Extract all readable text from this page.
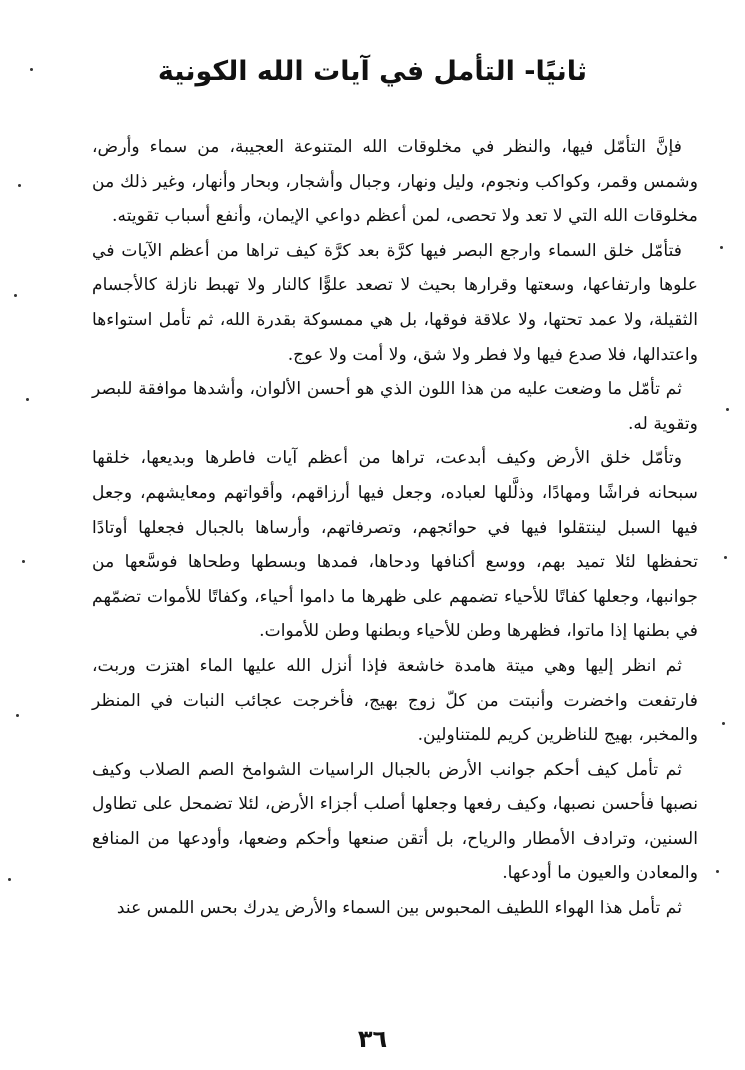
ثانيًا- التأمل في آيات الله الكونية

فإنَّ التأمّل فيها، والنظر في مخلوقات الله المتنوعة العجيبة، من سماء وأرض، وشمس وقمر، وكواكب ونجوم، وليل ونهار، وجبال وأشجار، وبحار وأنهار، وغير ذلك من مخلوقات الله التي لا تعد ولا تحصى، لمن أعظم دواعي الإيمان، وأنفع أسباب تقويته.

فتأمّل خلق السماء وارجع البصر فيها كرَّة بعد كرَّة كيف تراها من أعظم الآيات في علوها وارتفاعها، وسعتها وقرارها بحيث لا تصعد علوًّا كالنار ولا تهبط نازلة كالأجسام الثقيلة، ولا عمد تحتها، ولا علاقة فوقها، بل هي ممسوكة بقدرة الله، ثم تأمل استواءها واعتدالها، فلا صدع فيها ولا فطر ولا شق، ولا أمت ولا عوج.

ثم تأمّل ما وضعت عليه من هذا اللون الذي هو أحسن الألوان، وأشدها موافقة للبصر وتقوية له.

وتأمّل خلق الأرض وكيف أبدعت، تراها من أعظم آيات فاطرها وبديعها، خلقها سبحانه فراشًا ومهادًا، وذلَّلها لعباده، وجعل فيها أرزاقهم، وأقواتهم ومعايشهم، وجعل فيها السبل لينتقلوا فيها في حوائجهم، وتصرفاتهم، وأرساها بالجبال فجعلها أوتادًا تحفظها لئلا تميد بهم، ووسع أكنافها ودحاها، فمدها وبسطها وطحاها فوسَّعها من جوانبها، وجعلها كفاتًا للأحياء تضمهم على ظهرها ما داموا أحياء، وكفاتًا للأموات تضمّهم في بطنها إذا ماتوا، فظهرها وطن للأحياء وبطنها وطن للأموات.

ثم انظر إليها وهي ميتة هامدة خاشعة فإذا أنزل الله عليها الماء اهتزت وربت، فارتفعت واخضرت وأنبتت من كلّ زوج بهيج، فأخرجت عجائب النبات في المنظر والمخبر، بهيج للناظرين كريم للمتناولين.

ثم تأمل كيف أحكم جوانب الأرض بالجبال الراسيات الشوامخ الصم الصلاب وكيف نصبها فأحسن نصبها، وكيف رفعها وجعلها أصلب أجزاء الأرض، لئلا تضمحل على تطاول السنين، وترادف الأمطار والرياح، بل أتقن صنعها وأحكم وضعها، وأودعها من المنافع والمعادن والعيون ما أودعها.

ثم تأمل هذا الهواء اللطيف المحبوس بين السماء والأرض يدرك بحس اللمس عند

٣٦
